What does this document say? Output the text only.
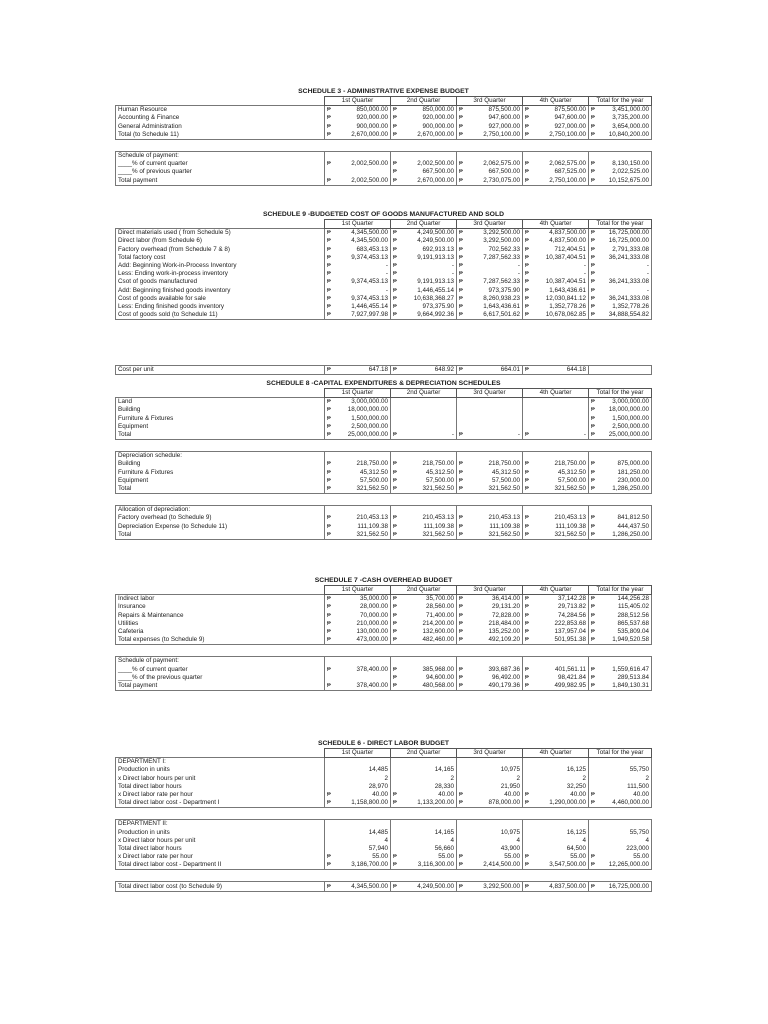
SCHEDULE 3 - ADMINISTRATIVE EXPENSE BUDGET
	1st Quarter	2nd Quarter	3rd Quarter	4th Quarter	Total for the year
Human Resource	₱ 850,000.00	₱ 850,000.00	₱ 875,500.00	₱ 875,500.00	₱ 3,451,000.00
Accounting & Finance	₱ 920,000.00	₱ 920,000.00	₱ 947,600.00	₱ 947,600.00	₱ 3,735,200.00
General Administration	₱ 900,000.00	₱ 900,000.00	₱ 927,000.00	₱ 927,000.00	₱ 3,654,000.00
Total (to Schedule 11)	₱ 2,670,000.00	₱ 2,670,000.00	₱ 2,750,100.00	₱ 2,750,100.00	₱ 10,840,200.00

Schedule of payment:					
____% of current quarter	₱ 2,002,500.00	₱ 2,002,500.00	₱ 2,062,575.00	₱ 2,062,575.00	₱ 8,130,150.00
____% of previous quarter		₱ 667,500.00	₱ 667,500.00	₱ 687,525.00	₱ 2,022,525.00
Total payment	₱ 2,002,500.00	₱ 2,670,000.00	₱ 2,730,075.00	₱ 2,750,100.00	₱ 10,152,675.00
SCHEDULE 9 -BUDGETED COST OF GOODS MANUFACTURED AND SOLD
	1st Quarter	2nd Quarter	3rd Quarter	4th Quarter	Total for the year
Direct materials used ( from Schedule 5)	₱ 4,345,500.00	₱ 4,249,500.00	₱ 3,292,500.00	₱ 4,837,500.00	₱ 16,725,000.00
Direct labor (from Schedule 6)	₱ 4,345,500.00	₱ 4,249,500.00	₱ 3,292,500.00	₱ 4,837,500.00	₱ 16,725,000.00
Factory overhead (from Schedule 7 & 8)	₱ 683,453.13	₱ 692,913.13	₱ 702,562.33	₱ 712,404.51	₱ 2,791,333.08
Total factory cost	₱ 9,374,453.13	₱ 9,191,913.13	₱ 7,287,562.33	₱ 10,387,404.51	₱ 36,241,333.08
Add: Beginning Work-in-Process Inventory	₱ -	₱ -	₱ -	₱ -	₱ -
Less: Ending work-in-process inventory	₱ -	₱ -	₱ -	₱ -	₱ -
Csot of goods manufactured	₱ 9,374,453.13	₱ 9,191,913.13	₱ 7,287,562.33	₱ 10,387,404.51	₱ 36,241,333.08
Add: Beginning finished goods inventory	₱ -	₱ 1,446,455.14	₱ 973,375.90	₱ 1,643,436.61	₱ -
Cost of goods available for sale	₱ 9,374,453.13	₱ 10,638,368.27	₱ 8,260,938.23	₱ 12,030,841.12	₱ 36,241,333.08
Less: Ending finished goods inventory	₱ 1,446,455.14	₱ 973,375.90	₱ 1,643,436.61	₱ 1,352,778.26	₱ 1,352,778.26
Cost of goods sold (to Schedule 11)	₱ 7,927,997.98	₱ 9,664,992.36	₱ 6,617,501.62	₱ 10,678,062.85	₱ 34,888,554.82
Cost per unit	₱	647.18	₱	648.92	₱	664.01	₱	644.18	
SCHEDULE 8 -CAPITAL EXPENDITURES & DEPRECIATION SCHEDULES
	1st Quarter	2nd Quarter	3rd Quarter	4th Quarter	Total for the year
Land	₱ 3,000,000.00				₱ 3,000,000.00
Building	₱ 18,000,000.00				₱ 18,000,000.00
Furniture & Fixtures	₱ 1,500,000.00				₱ 1,500,000.00
Equipment	₱ 2,500,000.00				₱ 2,500,000.00
Total	₱ 25,000,000.00	₱ -	₱ -	₱ -	₱ 25,000,000.00

Depreciation schedule:					
Building	₱ 218,750.00	₱ 218,750.00	₱ 218,750.00	₱ 218,750.00	₱ 875,000.00
Furniture & Fixtures	₱ 45,312.50	₱ 45,312.50	₱ 45,312.50	₱ 45,312.50	₱ 181,250.00
Equipment	₱ 57,500.00	₱ 57,500.00	₱ 57,500.00	₱ 57,500.00	₱ 230,000.00
Total	₱ 321,562.50	₱ 321,562.50	₱ 321,562.50	₱ 321,562.50	₱ 1,286,250.00

Allocation of depreciation:					
Factory overhead (to Schedule 9)	₱ 210,453.13	₱ 210,453.13	₱ 210,453.13	₱ 210,453.13	₱ 841,812.50
Depreciation Expense (to Schedule 11)	₱ 111,109.38	₱ 111,109.38	₱ 111,109.38	₱ 111,109.38	₱ 444,437.50
Total	₱ 321,562.50	₱ 321,562.50	₱ 321,562.50	₱ 321,562.50	₱ 1,286,250.00
SCHEDULE 7 -CASH OVERHEAD BUDGET
	1st Quarter	2nd Quarter	3rd Quarter	4th Quarter	Total for the year
Indirect labor	₱ 35,000.00	₱ 35,700.00	₱ 36,414.00	₱ 37,142.28	₱ 144,256.28
Insurance	₱ 28,000.00	₱ 28,560.00	₱ 29,131.20	₱ 29,713.82	₱ 115,405.02
Repairs & Maintenance	₱ 70,000.00	₱ 71,400.00	₱ 72,828.00	₱ 74,284.56	₱ 288,512.56
Utilities	₱ 210,000.00	₱ 214,200.00	₱ 218,484.00	₱ 222,853.68	₱ 865,537.68
Cafeteria	₱ 130,000.00	₱ 132,600.00	₱ 135,252.00	₱ 137,957.04	₱ 535,809.04
Total expenses (to Schedule 9)	₱ 473,000.00	₱ 482,460.00	₱ 492,109.20	₱ 501,951.38	₱ 1,949,520.58

Schedule of payment:					
____% of current quarter	₱ 378,400.00	₱ 385,968.00	₱ 393,687.36	₱ 401,561.11	₱ 1,559,616.47
____% of the previous quarter		₱ 94,600.00	₱ 96,492.00	₱ 98,421.84	₱ 289,513.84
Total payment	₱ 378,400.00	₱ 480,568.00	₱ 490,179.36	₱ 499,982.95	₱ 1,849,130.31
SCHEDULE 6 - DIRECT LABOR BUDGET
	1st Quarter	2nd Quarter	3rd Quarter	4th Quarter	Total for the year
DEPARTMENT I:					
Production in units	14,485	14,165	10,975	16,125	55,750
x Direct labor hours per unit	2	2	2	2	2
Total direct labor hours	28,970	28,330	21,950	32,250	111,500
x Direct labor rate per hour	₱ 40.00	₱ 40.00	₱ 40.00	₱ 40.00	₱ 40.00
Total direct labor cost - Department I	₱ 1,158,800.00	₱ 1,133,200.00	₱ 878,000.00	₱ 1,290,000.00	₱ 4,460,000.00

DEPARTMENT II:					
Production in units	14,485	14,165	10,975	16,125	55,750
x Direct labor hours per unit	4	4	4	4	4
Total direct labor hours	57,940	56,660	43,900	64,500	223,000
x Direct labor rate per hour	₱ 55.00	₱ 55.00	₱ 55.00	₱ 55.00	₱ 55.00
Total direct labor cost - Department II	₱ 3,186,700.00	₱ 3,116,300.00	₱ 2,414,500.00	₱ 3,547,500.00	₱ 12,265,000.00

Total direct labor cost (to Schedule 9)	₱ 4,345,500.00	₱ 4,249,500.00	₱ 3,292,500.00	₱ 4,837,500.00	₱ 16,725,000.00
